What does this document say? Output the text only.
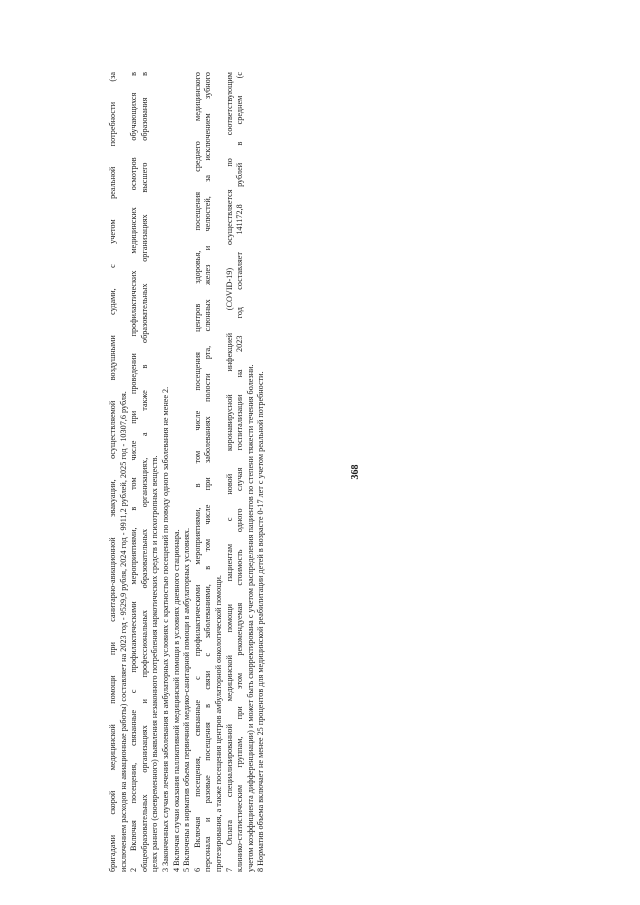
бригадами скорой медицинской помощи при санитарно-авиационной эвакуации, осуществляемой воздушными судами, с учетом реальной потребности (за исключением расходов на авиационные работы) составляет на 2023 год - 9529,9 рубля, 2024 год - 9911,2 рублей, 2025 год - 10307,6 рубля. 2 Включая посещения, связанные с профилактическими мероприятиями, в том числе при проведении профилактических медицинских осмотров обучающихся в общеобразовательных организациях и профессиональных образовательных организациях, а также в образовательных организациях высшего образования в целях раннего (своевременного) выявления незаконного потребления наркотических средств и психотропных веществ. 3 Законченных случаев лечения заболевания в амбулаторных условиях с кратностью посещений по поводу одного заболевания не менее 2. 4 Включая случаи оказания паллиативной медицинской помощи в условиях дневного стационара. 5 Включены в норматив объема первичной медико-санитарной помощи в амбулаторных условиях. 6 Включая посещения, связанные с профилактическими мероприятиями, в том числе посещения центров здоровья, посещения среднего медицинского персонала и разовые посещения в связи с заболеваниями, в том числе при заболеваниях полости рта, слюнных желез и челюстей, за исключением зубного протезирования, а также посещения центров амбулаторной онкологической помощи. 7 Оплата специализированной медицинской помощи пациентам с новой коронавирусной инфекцией (COVID-19) осуществляется по соответствующим клинико-статистическим группам, при этом рекомендуемая стоимость одного случая госпитализации на 2023 год составляет 141172,8 рублей в среднем (с учетом коэффициента дифференциации) и может быть скорректирована с учетом распределения пациентов по степени тяжести течения болезни. 8 Норматив объема включает не менее 25 процентов для медицинской реабилитации детей в возрасте 0-17 лет с учетом реальной потребности.	368
